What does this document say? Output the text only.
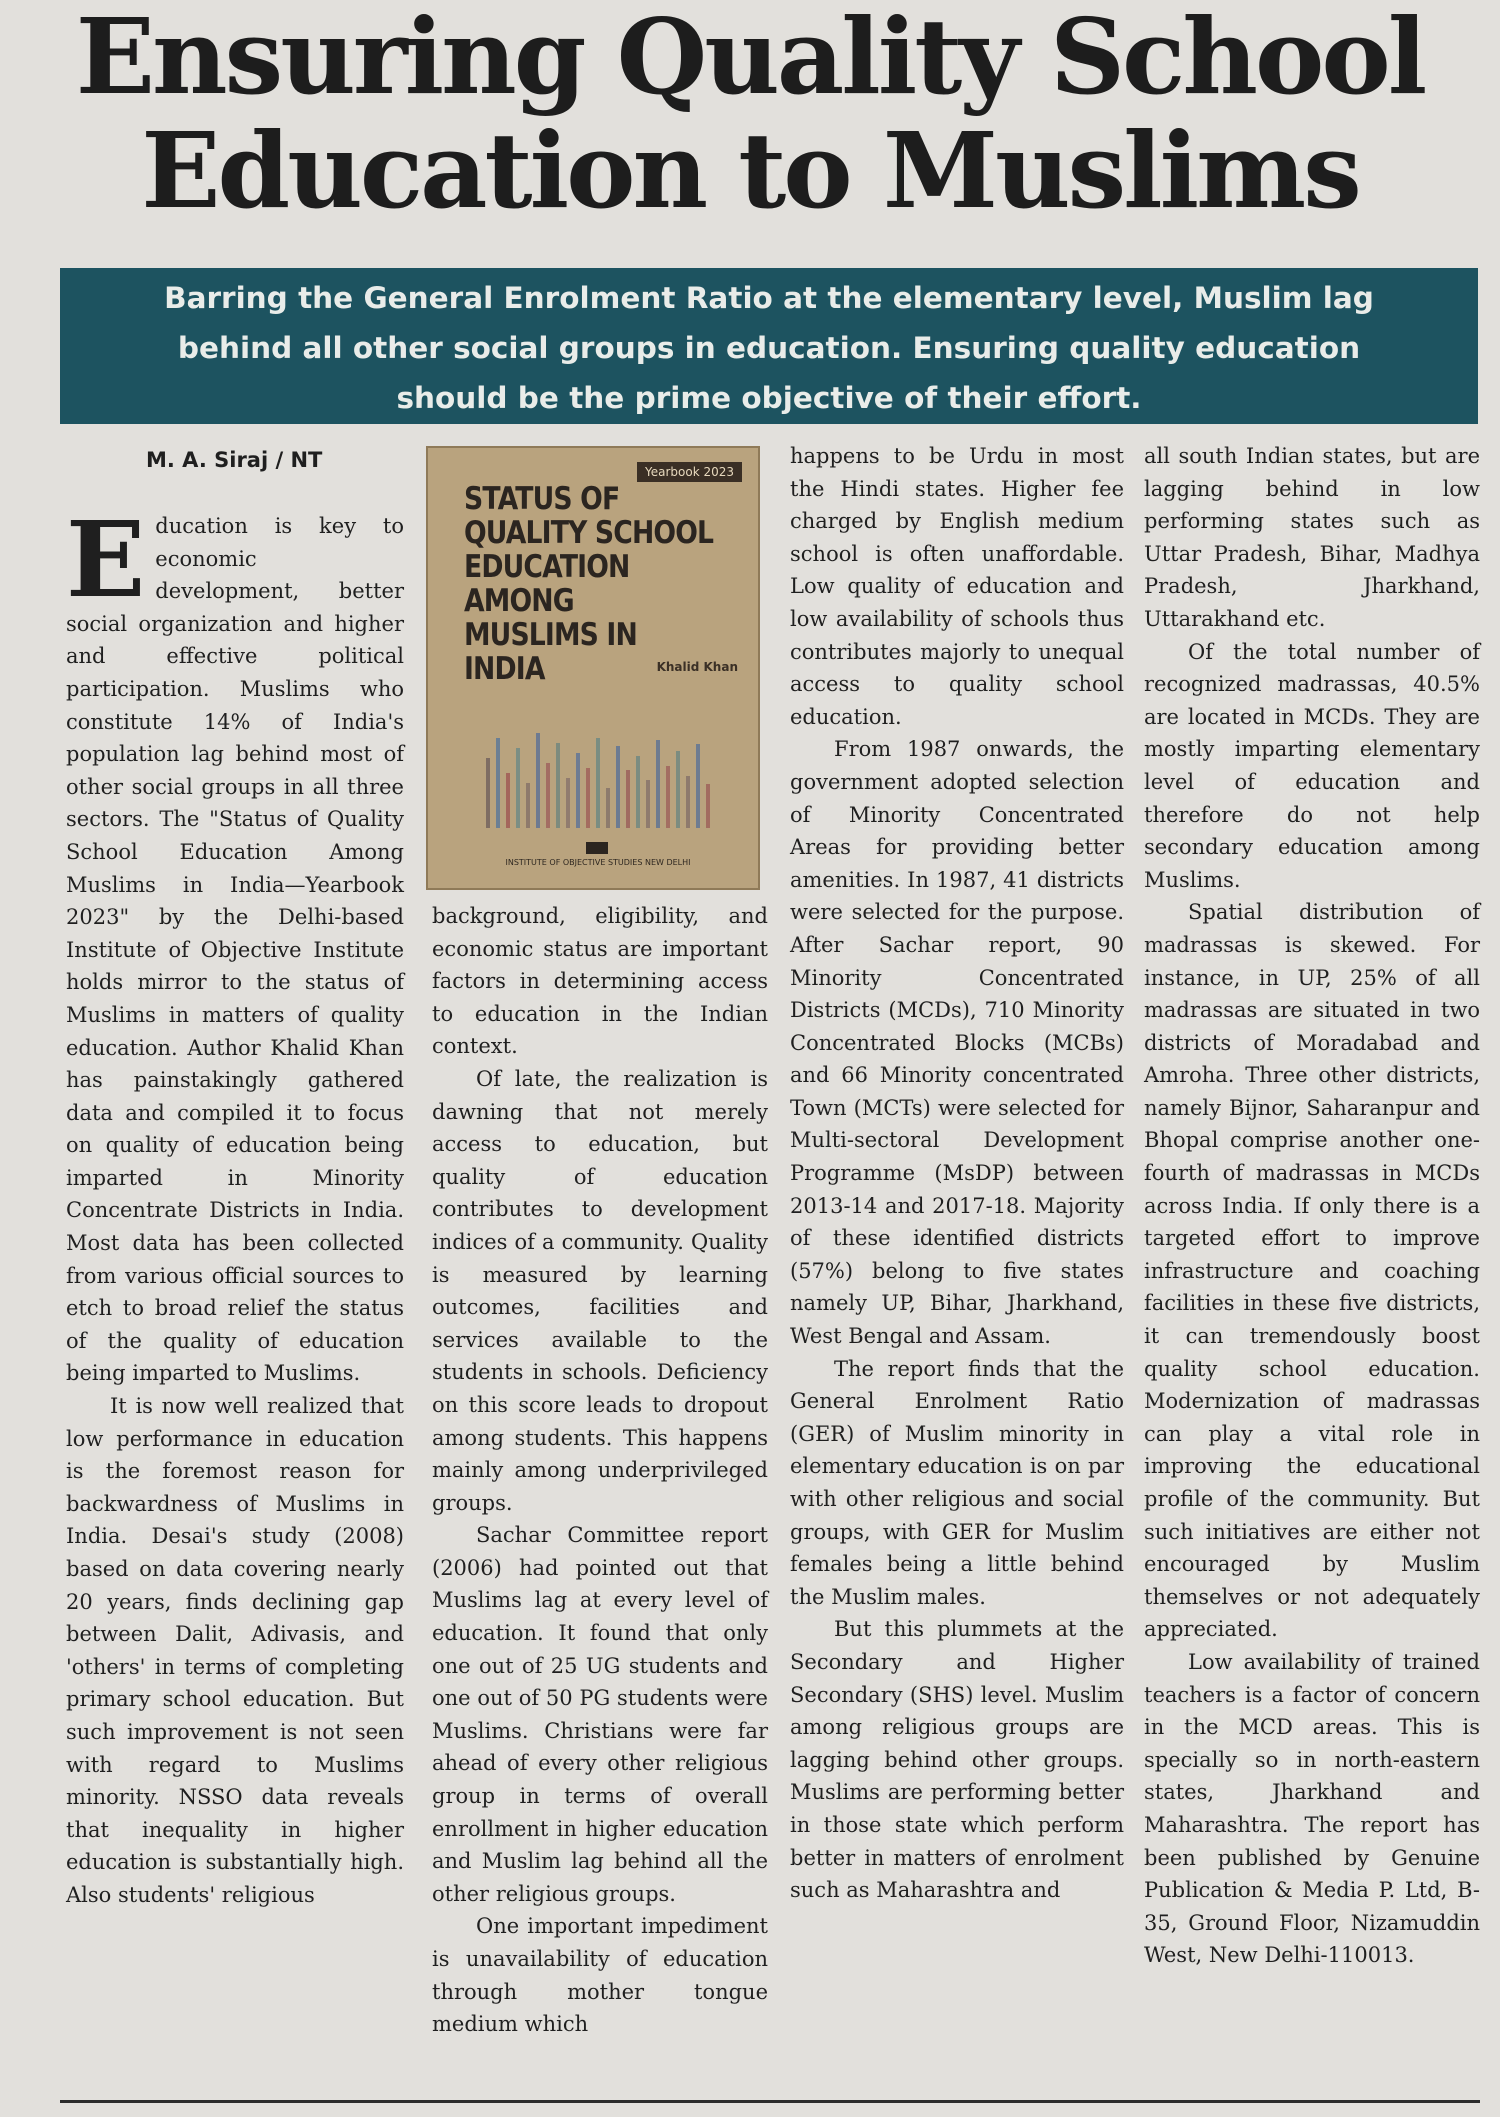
Ensuring Quality School
Education to Muslims
Barring the General Enrolment Ratio at the elementary level, Muslim lag
behind all other social groups in education. Ensuring quality education
should be the prime objective of their effort.
M. A. Siraj / NT

Education is key to economic development, better social organization and higher and effective political participation. Muslims who constitute 14% of India's population lag behind most of other social groups in all three sectors. The "Status of Quality School Education Among Muslims in India—Yearbook 2023" by the Delhi-based Institute of Objective Institute holds mirror to the status of Muslims in matters of quality education. Author Khalid Khan has painstakingly gathered data and compiled it to focus on quality of education being imparted in Minority Concentrate Districts in India. Most data has been collected from various official sources to etch to broad relief the status of the quality of education being imparted to Muslims.

It is now well realized that low performance in education is the foremost reason for backwardness of Muslims in India. Desai's study (2008) based on data covering nearly 20 years, finds declining gap between Dalit, Adivasis, and 'others' in terms of completing primary school education. But such improvement is not seen with regard to Muslims minority. NSSO data reveals that inequality in higher education is substantially high. Also students' religious

Yearbook 2023
STATUS OF QUALITY SCHOOL EDUCATION AMONG MUSLIMS IN INDIA	Khalid Khan
INSTITUTE OF OBJECTIVE STUDIES NEW DELHI

background, eligibility, and economic status are important factors in determining access to education in the Indian context.

Of late, the realization is dawning that not merely access to education, but quality of education contributes to development indices of a community. Quality is measured by learning outcomes, facilities and services available to the students in schools. Deficiency on this score leads to dropout among students. This happens mainly among underprivileged groups.

Sachar Committee report (2006) had pointed out that Muslims lag at every level of education. It found that only one out of 25 UG students and one out of 50 PG students were Muslims. Christians were far ahead of every other religious group in terms of overall enrollment in higher education and Muslim lag behind all the other religious groups.

One important impediment is unavailability of education through mother tongue medium which

happens to be Urdu in most the Hindi states. Higher fee charged by English medium school is often unaffordable. Low quality of education and low availability of schools thus contributes majorly to unequal access to quality school education.

From 1987 onwards, the government adopted selection of Minority Concentrated Areas for providing better amenities. In 1987, 41 districts were selected for the purpose. After Sachar report, 90 Minority Concentrated Districts (MCDs), 710 Minority Concentrated Blocks (MCBs) and 66 Minority concentrated Town (MCTs) were selected for Multi-sectoral Development Programme (MsDP) between 2013-14 and 2017-18. Majority of these identified districts (57%) belong to five states namely UP, Bihar, Jharkhand, West Bengal and Assam.

The report finds that the General Enrolment Ratio (GER) of Muslim minority in elementary education is on par with other religious and social groups, with GER for Muslim females being a little behind the Muslim males.

But this plummets at the Secondary and Higher Secondary (SHS) level. Muslim among religious groups are lagging behind other groups. Muslims are performing better in those state which perform better in matters of enrolment such as Maharashtra and

all south Indian states, but are lagging behind in low performing states such as Uttar Pradesh, Bihar, Madhya Pradesh, Jharkhand, Uttarakhand etc.

Of the total number of recognized madrassas, 40.5% are located in MCDs. They are mostly imparting elementary level of education and therefore do not help secondary education among Muslims.

Spatial distribution of madrassas is skewed. For instance, in UP, 25% of all madrassas are situated in two districts of Moradabad and Amroha. Three other districts, namely Bijnor, Saharanpur and Bhopal comprise another one-fourth of madrassas in MCDs across India. If only there is a targeted effort to improve infrastructure and coaching facilities in these five districts, it can tremendously boost quality school education. Modernization of madrassas can play a vital role in improving the educational profile of the community. But such initiatives are either not encouraged by Muslim themselves or not adequately appreciated.

Low availability of trained teachers is a factor of concern in the MCD areas. This is specially so in north-eastern states, Jharkhand and Maharashtra. The report has been published by Genuine Publication & Media P. Ltd, B-35, Ground Floor, Nizamuddin West, New Delhi-110013.
